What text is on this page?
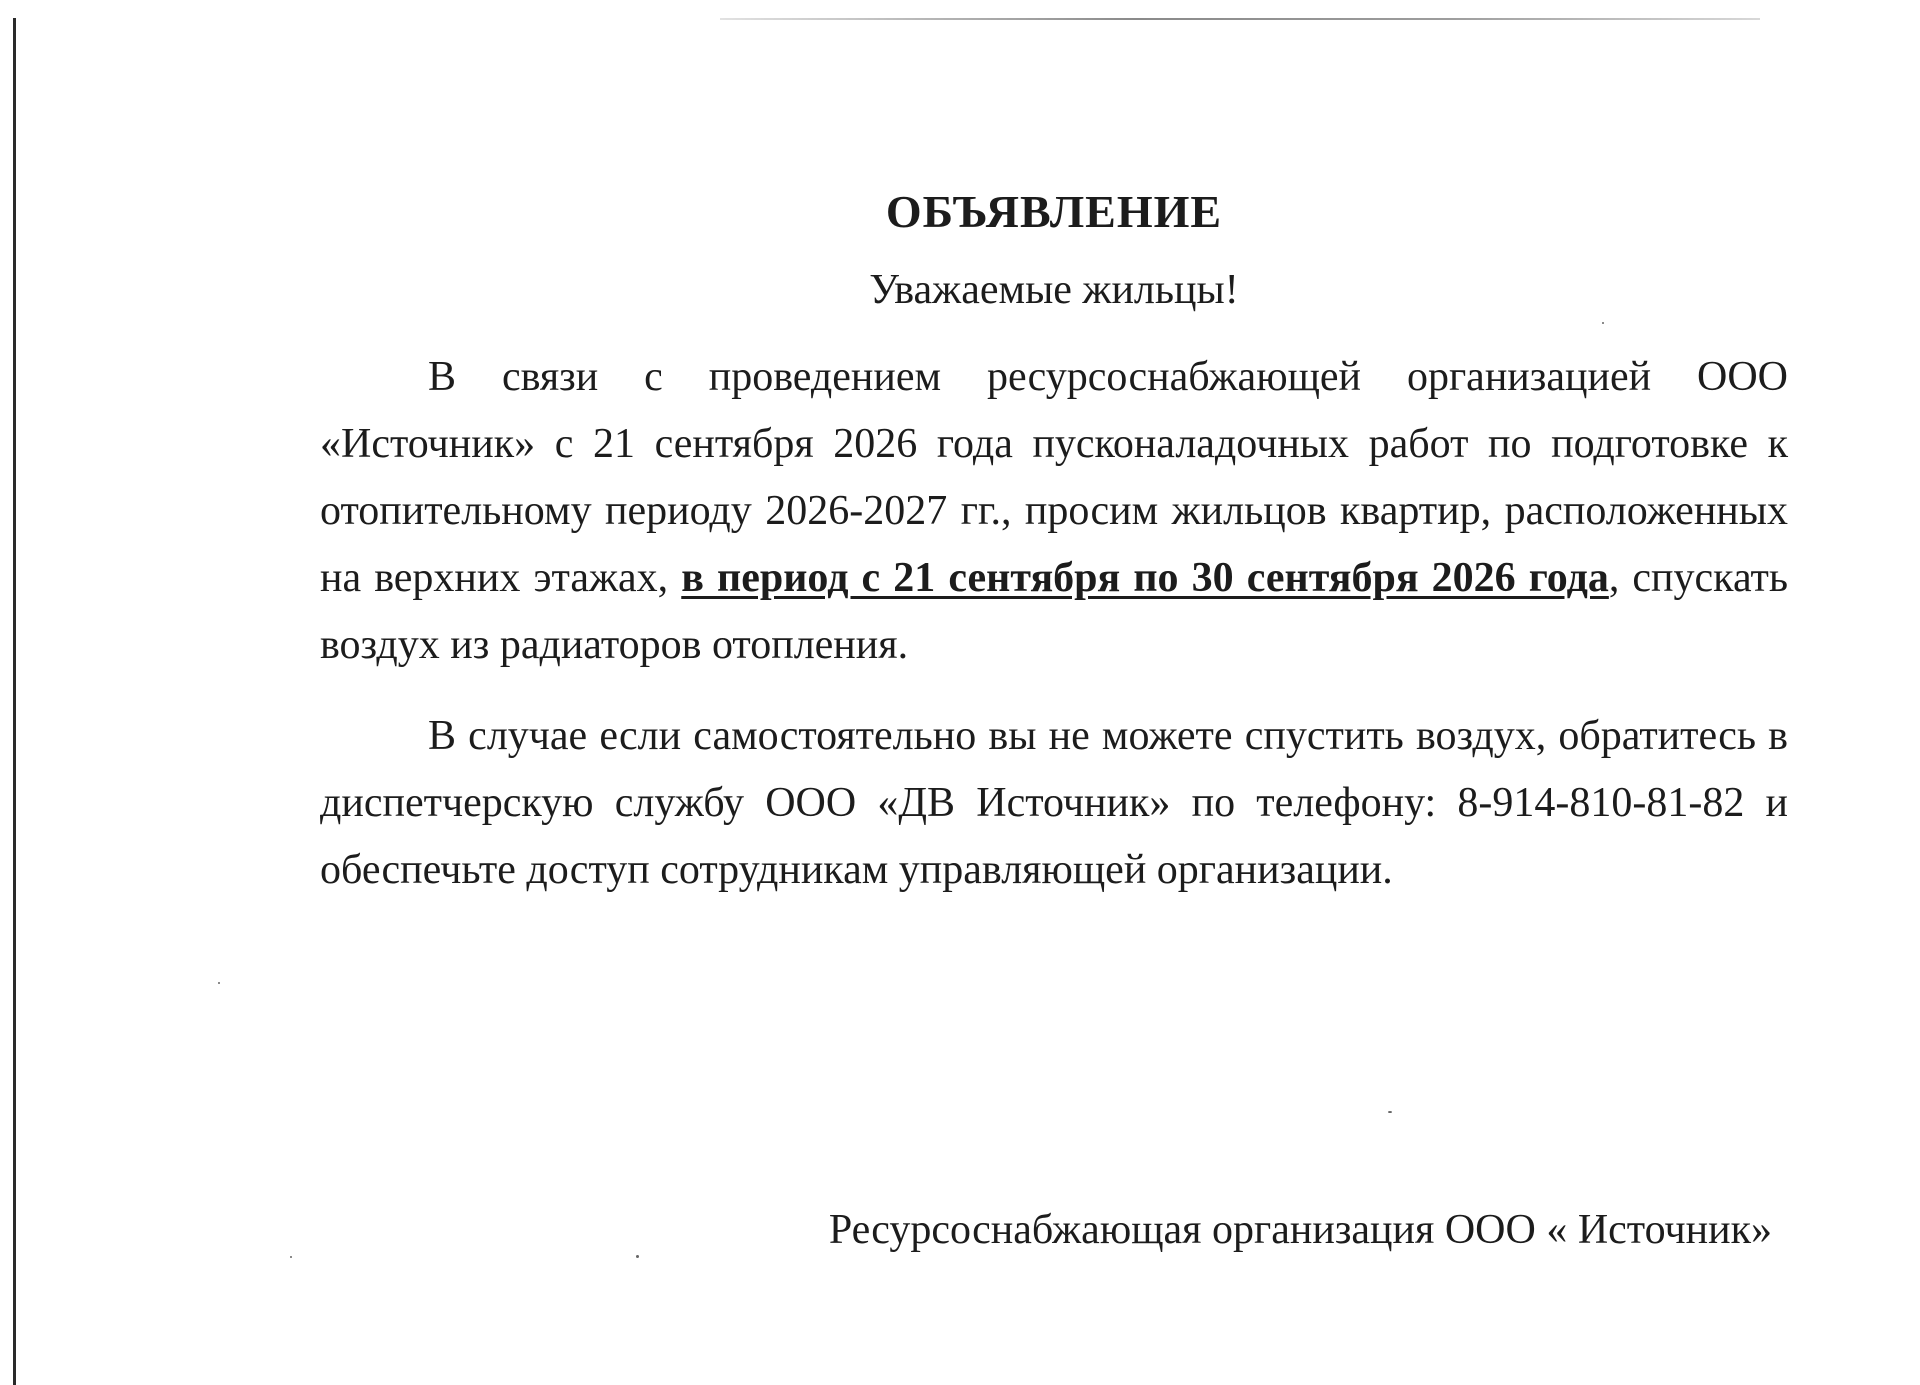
ОБЪЯВЛЕНИЕ

Уважаемые жильцы!

В связи с проведением ресурсоснабжающей организацией ООО «Источник» с 21 сентября 2026 года пусконаладочных работ по подготовке к отопительному периоду 2026-2027 гг., просим жильцов квартир, расположенных на верхних этажах, в период с 21 сентября по 30 сентября 2026 года, спускать воздух из радиаторов отопления.

В случае если самостоятельно вы не можете спустить воздух, обратитесь в диспетчерскую службу ООО «ДВ Источник» по телефону: 8-914-810-81-82 и обеспечьте доступ сотрудникам управляющей организации.

Ресурсоснабжающая организация ООО « Источник»
